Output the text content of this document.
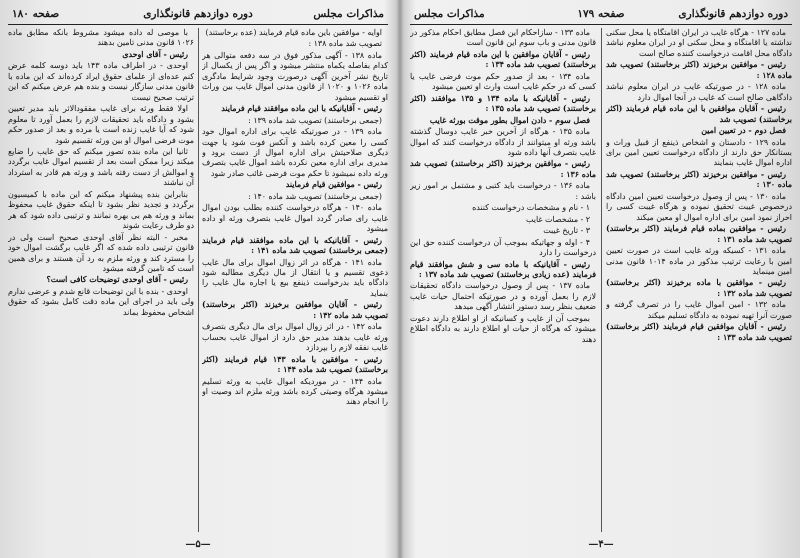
مذاکرات مجلس
دوره دوازدهم قانونگذاری
صفحه ۱۸۰

اوایه - موافقین باین ماده قیام فرمایند (عده برخاستند)

تصویب شد ماده ۱۳۸ :

ماده ۱۳۸ - آگهی مذکور فوق در سه دفعه متوالی هر کدام بفاصله یکماه منتشر میشود و اگر پس از یکسال از تاریخ نشر آخرین آگهی درصورت وجود شرایط مادگری ماده ۱۰۲۶ و ۱۰۲۰ از قانون مدنی اموال غایب بین وراث او تقسیم میشود

رئیس - آقایانیکه با این ماده موافقند قیام فرمایند

(جمعی برخاستند) تصویب شد ماده ۱۳۹ :

ماده ۱۳۹ - در صورتیکه غایب برای اداره اموال خود کسی را معین کرده باشد و آنکس فوت شود یا جهت دیگری صلاحیتش برای اداره اموال از دست برود و مدیری برای اداره معین نکرده باشد اموال غایب بتصرف ورثه داده نمیشود تا حکم موت فرضی غائب صادر شود

رئیس - موافقین قیام فرمایند

(جمعی برخاستند) تصویب شد ماده ۱۴۰ :

ماده ۱۴۰ - هرگاه درخواست کننده بطلب بودن اموال غایب رای صادر گردد اموال غایب بتصرف ورثه او داده میشود

رئیس - آقایانیکه با این ماده موافقند قیام فرمایند (جمعی برخاستند) تصویب شد ماده ۱۴۱ :

ماده ۱۴۱ - هرگاه در اثر زوال اموال برای مال غایب دعوی تقسیم و یا انتقال از مال دیگری مطالبه شود دادگاه باید بدرخواست ذینفع بیع یا اجاره مال غایب را بنماید

رئیس - آقایان موافقین برخیزند (اکثر برخاستند) تصویب شد ماده ۱۴۲ :

ماده ۱۴۲ - در اثر زوال اموال برای مال دیگری بتصرف ورثه غایب بدهند مدیر حق دارد از اموال غایب بحساب غایب نفقه لازم را بپردازد

رئیس - موافقین با ماده ۱۴۳ قیام فرمایند (اکثر برخاستند) تصویب شد ماده ۱۴۴ :

ماده ۱۴۴ - در موردیکه اموال غایب به ورثه تسلیم میشود هرگاه وصیتی کرده باشد ورثه ملزم اند وصیت او را انجام دهند

با موصی له داده میشود مشروط بآنکه مطابق ماده ۱۰۲۶ قانون مدنی تامین بدهند

رئیس - آقای اوحدی

اوحدی - در اطراف ماده ۱۴۳ باید دوسه کلمه عرض کنم عده‌ای از علمای حقوق ایراد کرده‌اند که این ماده با قانون مدنی سازگار نیست و بنده هم عرض میکنم که این ترتیب صحیح نیست

اولا فقط ورثه برای غایب مفقودالاثر باید مدیر تعیین بشود و دادگاه باید تحقیقات لازم را بعمل آورد تا معلوم شود که آیا غایب زنده است یا مرده و بعد از صدور حکم موت فرضی اموال او بین ورثه تقسیم شود

ثانیا این ماده بنده تصور میکنم که حق غایب را ضایع میکند زیرا ممکن است بعد از تقسیم اموال غایب برگردد و اموالش از دست رفته باشد و ورثه هم قادر به استرداد آن نباشند

بنابراین بنده پیشنهاد میکنم که این ماده با کمیسیون برگردد و تجدید نظر بشود تا اینکه حقوق غایب محفوظ بماند و ورثه هم بی بهره نمانند و ترتیبی داده شود که هر دو طرف رعایت شوند

مخبر - البته نظر آقای اوحدی صحیح است ولی در قانون ترتیبی داده شده که اگر غایب برگشت اموال خود را مسترد کند و ورثه ملزم به رد آن هستند و برای همین است که تامین گرفته میشود

رئیس - آقای اوحدی توضیحات کافی است؟

اوحدی - بنده با این توضیحات قانع شدم و عرضی ندارم ولی باید در اجرای این ماده دقت کامل بشود که حقوق اشخاص محفوظ بماند

—۵—
دوره دوازدهم قانونگذاری
صفحه ۱۷۹
مذاکرات مجلس

ماده ۱۲۷ - هرگاه غایب در ایران اقامتگاه یا محل سکنی نداشته یا اقامتگاه و محل سکنی او در ایران معلوم نباشد دادگاه محل اقامت درخواست کننده صالح است

رئیس - موافقین برخیزند (اکثر برخاستند) تصویب شد ماده ۱۲۸ :

ماده ۱۲۸ - در صورتیکه غایب در ایران معلوم نباشد دادگاهی صالح است که غایب در آنجا اموال دارد

رئیس - آقایان موافقین با این ماده قیام فرمایند (اکثر برخاستند) تصویب شد

فصل دوم - در تعیین امین

ماده ۱۲۹ - دادستان و اشخاص ذینفع از قبیل وراث و بستانکار حق دارند از دادگاه درخواست تعیین امین برای اداره اموال غایب بنمایند

رئیس - موافقین برخیزند (اکثر برخاستند) تصویب شد ماده ۱۳۰ :

ماده ۱۳۰ - پس از وصول درخواست تعیین امین دادگاه درخصوص غیبت تحقیق نموده و هرگاه غیبت کسی را احراز نمود امین برای اداره اموال او معین میکند

رئیس - موافقین بماده قیام فرمایند (اکثر برخاستند) تصویب شد ماده ۱۳۱ :

ماده ۱۳۱ - کسیکه ورثه غایب است در صورت تعیین امین با رعایت ترتیب مذکور در ماده ۱۰۱۴ قانون مدنی امین مینماید

رئیس - موافقین با ماده برخیزند (اکثر برخاستند) تصویب شد ماده ۱۳۲ :

ماده ۱۳۲ - امین اموال غایب را در تصرف گرفته و صورت آنرا تهیه نموده به دادگاه تسلیم میکند

رئیس - آقایان موافقین قیام فرمایند (اکثر برخاستند) تصویب شد ماده ۱۳۳ :

ماده ۱۳۳ - سازاحکام این فصل مطابق احکام مذکور در قانون مدنی و باب سوم این قانون است

رئیس - آقایان موافقین با این ماده قیام فرمایند (اکثر برخاستند) تصویب شد ماده ۱۳۴ :

ماده ۱۳۴ - بعد از صدور حکم موت فرضی غایب یا کسی که در حکم غایب است وارث او تعیین میشود

رئیس - آقایانیکه با ماده ۱۳۴ و ۱۳۵ موافقند (اکثر برخاستند) تصویب شد ماده ۱۳۵ :

فصل سوم - دادن اموال بطور موقت بورثه غایب

ماده ۱۳۵ - هرگاه از آخرین خبر غایب دوسال گذشته باشد ورثه او میتوانند از دادگاه درخواست کنند که اموال غایب بتصرف آنها داده شود

رئیس - موافقین برخیزند (اکثر برخاستند) تصویب شد ماده ۱۳۶ :

ماده ۱۳۶ - درخواست باید کتبی و مشتمل بر امور زیر باشد :

۱ - نام و مشخصات درخواست کننده

۲ - مشخصات غایب

۳ - تاریخ غیبت

۴ - اوله و جهاتیکه بموجب آن درخواست کننده حق این درخواست را دارد

رئیس - آقایانیکه با ماده سی و شش موافقند قیام فرمایند (عده زیادی برخاستند) تصویب شد ماده ۱۳۷ :

ماده ۱۳۷ - پس از وصول درخواست دادگاه تحقیقات لازم را بعمل آورده و در صورتیکه احتمال حیات غایب ضعیف بنظر رسد دستور انتشار آگهی میدهد

بموجب آن از غایب و کسانیکه از او اطلاع دارند دعوت میشود که هرگاه از حیات او اطلاع دارند به دادگاه اطلاع دهند

—۴—
